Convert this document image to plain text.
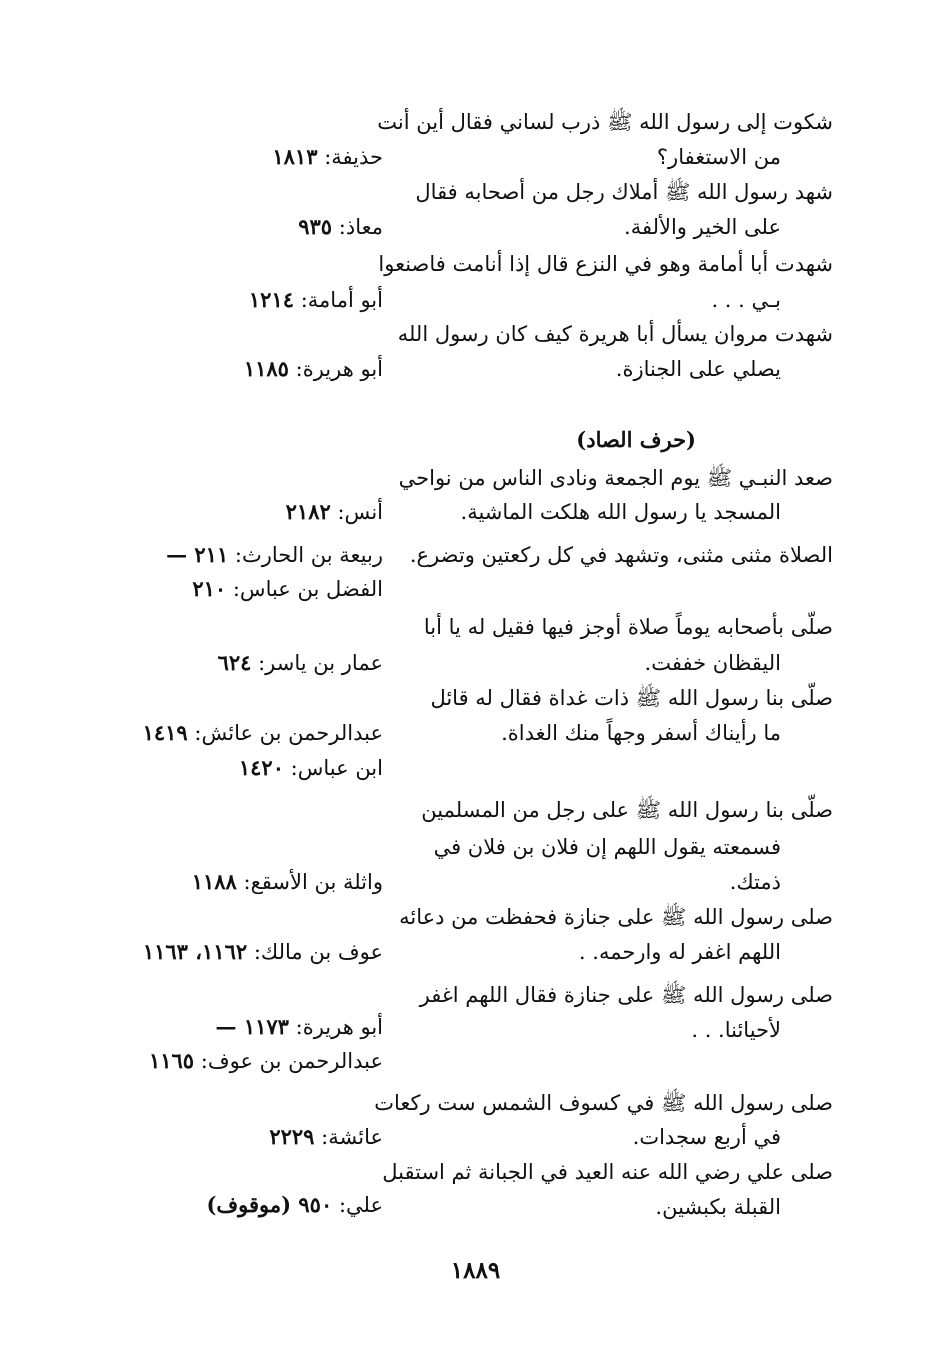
شكوت إلى رسول الله ﷺ ذرب لساني فقال أين أنت
من الاستغفار؟
حذيفة: ١٨١٣
شهد رسول الله ﷺ أملاك رجل من أصحابه فقال
على الخير والألفة.
معاذ: ٩٣٥
شهدت أبا أمامة وهو في النزع قال إذا أنامت فاصنعوا
بـي . . .
أبو أمامة: ١٢١٤
شهدت مروان يسأل أبا هريرة كيف كان رسول الله
يصلي على الجنازة.
أبو هريرة: ١١٨٥
(حرف الصاد)
صعد النبـي ﷺ يوم الجمعة ونادى الناس من نواحي
المسجد يا رسول الله هلكت الماشية.
أنس: ٢١٨٢
الصلاة مثنى مثنى، وتشهد في كل ركعتين وتضرع.
ربيعة بن الحارث: ٢١١ —
الفضل بن عباس: ٢١٠
صلّى بأصحابه يوماً صلاة أوجز فيها فقيل له يا أبا
اليقظان خففت.
عمار بن ياسر: ٦٢٤
صلّى بنا رسول الله ﷺ ذات غداة فقال له قائل
ما رأيناك أسفر وجهاً منك الغداة.
عبدالرحمن بن عائش: ١٤١٩
ابن عباس: ١٤٢٠
صلّى بنا رسول الله ﷺ على رجل من المسلمين
فسمعته يقول اللهم إن فلان بن فلان في
ذمتك.
واثلة بن الأسقع: ١١٨٨
صلى رسول الله ﷺ على جنازة فحفظت من دعائه
اللهم اغفر له وارحمه. .
عوف بن مالك: ١١٦٢، ١١٦٣
صلى رسول الله ﷺ على جنازة فقال اللهم اغفر
لأحيائنا. . .
أبو هريرة: ١١٧٣ —
عبدالرحمن بن عوف: ١١٦٥
صلى رسول الله ﷺ في كسوف الشمس ست ركعات
في أربع سجدات.
عائشة: ٢٢٢٩
صلى علي رضي الله عنه العيد في الجبانة ثم استقبل
القبلة بكبشين.
علي: ٩٥٠ (موقوف)
١٨٨٩
